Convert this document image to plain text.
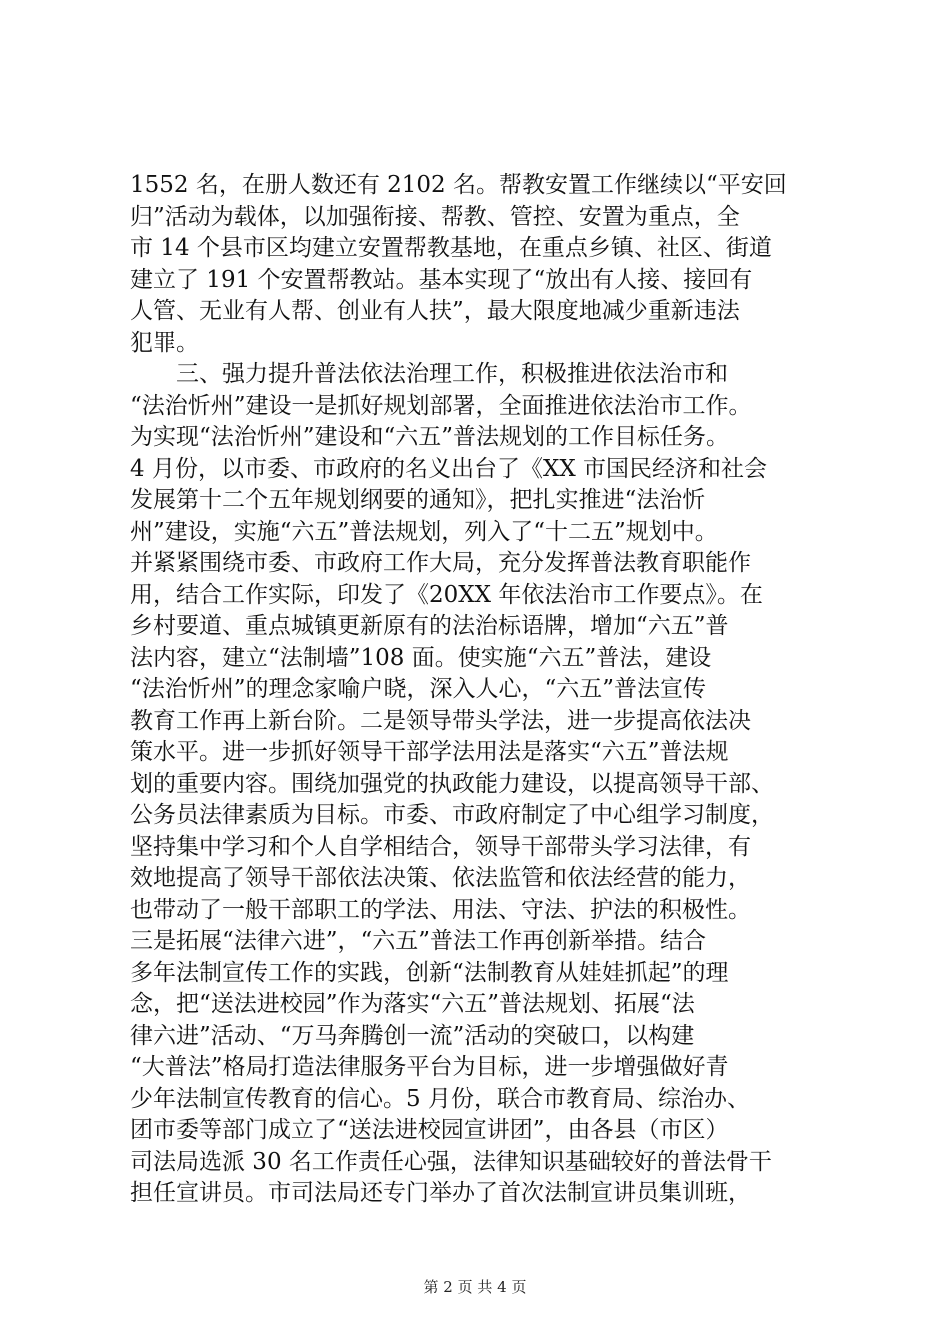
1552 名，在册人数还有 2102 名。帮教安置工作继续以“平安回
归”活动为载体，以加强衔接、帮教、管控、安置为重点，全
市 14 个县市区均建立安置帮教基地，在重点乡镇、社区、街道
建立了 191 个安置帮教站。基本实现了“放出有人接、接回有
人管、无业有人帮、创业有人扶”，最大限度地减少重新违法
犯罪。
　　三、强力提升普法依法治理工作，积极推进依法治市和
“法治忻州”建设一是抓好规划部署，全面推进依法治市工作。
为实现“法治忻州”建设和“六五”普法规划的工作目标任务。
4 月份，以市委、市政府的名义出台了《XX 市国民经济和社会
发展第十二个五年规划纲要的通知》，把扎实推进“法治忻
州”建设，实施“六五”普法规划，列入了“十二五”规划中。
并紧紧围绕市委、市政府工作大局，充分发挥普法教育职能作
用，结合工作实际，印发了《20XX 年依法治市工作要点》。在
乡村要道、重点城镇更新原有的法治标语牌，增加“六五”普
法内容，建立“法制墙”108 面。使实施“六五”普法，建设
“法治忻州”的理念家喻户晓，深入人心，“六五”普法宣传
教育工作再上新台阶。二是领导带头学法，进一步提高依法决
策水平。进一步抓好领导干部学法用法是落实“六五”普法规
划的重要内容。围绕加强党的执政能力建设，以提高领导干部、
公务员法律素质为目标。市委、市政府制定了中心组学习制度，
坚持集中学习和个人自学相结合，领导干部带头学习法律，有
效地提高了领导干部依法决策、依法监管和依法经营的能力，
也带动了一般干部职工的学法、用法、守法、护法的积极性。
三是拓展“法律六进”，“六五”普法工作再创新举措。结合
多年法制宣传工作的实践，创新“法制教育从娃娃抓起”的理
念，把“送法进校园”作为落实“六五”普法规划、拓展“法
律六进”活动、“万马奔腾创一流”活动的突破口，以构建
“大普法”格局打造法律服务平台为目标，进一步增强做好青
少年法制宣传教育的信心。5 月份，联合市教育局、综治办、
团市委等部门成立了“送法进校园宣讲团”，由各县（市区）
司法局选派 30 名工作责任心强，法律知识基础较好的普法骨干
担任宣讲员。市司法局还专门举办了首次法制宣讲员集训班，
第 2 页 共 4 页
